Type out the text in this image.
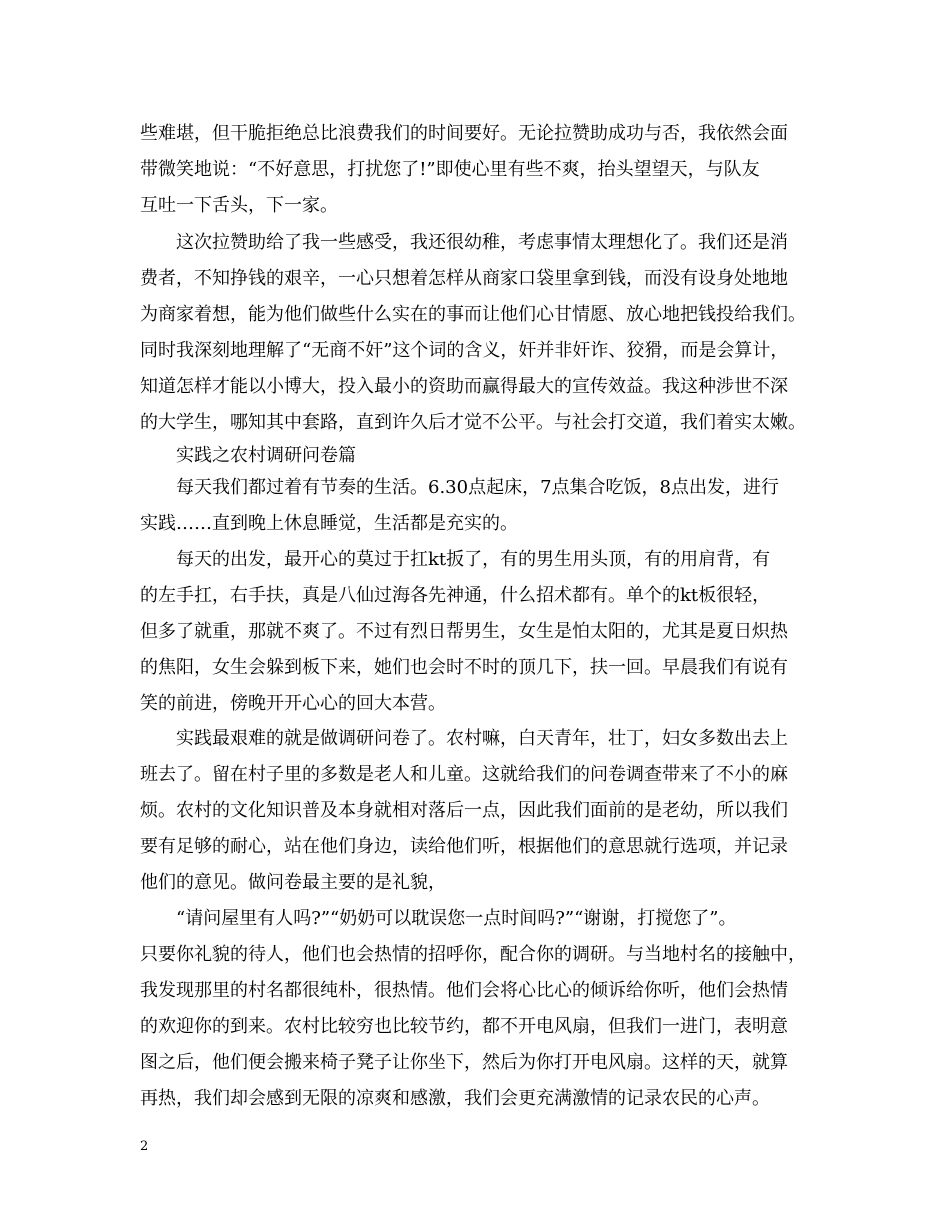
些难堪，但干脆拒绝总比浪费我们的时间要好。无论拉赞助成功与否，我依然会面
带微笑地说：“不好意思，打扰您了!”即使心里有些不爽，抬头望望天，与队友
互吐一下舌头，下一家。
这次拉赞助给了我一些感受，我还很幼稚，考虑事情太理想化了。我们还是消
费者，不知挣钱的艰辛，一心只想着怎样从商家口袋里拿到钱，而没有设身处地地
为商家着想，能为他们做些什么实在的事而让他们心甘情愿、放心地把钱投给我们。
同时我深刻地理解了“无商不奸”这个词的含义，奸并非奸诈、狡猾，而是会算计，
知道怎样才能以小博大，投入最小的资助而赢得最大的宣传效益。我这种涉世不深
的大学生，哪知其中套路，直到许久后才觉不公平。与社会打交道，我们着实太嫩。
实践之农村调研问卷篇
每天我们都过着有节奏的生活。6.30点起床，7点集合吃饭，8点出发，进行
实践……直到晚上休息睡觉，生活都是充实的。
每天的出发，最开心的莫过于扛kt扳了，有的男生用头顶，有的用肩背，有
的左手扛，右手扶，真是八仙过海各先神通，什么招术都有。单个的kt板很轻，
但多了就重，那就不爽了。不过有烈日帮男生，女生是怕太阳的，尤其是夏日炽热
的焦阳，女生会躲到板下来，她们也会时不时的顶几下，扶一回。早晨我们有说有
笑的前进，傍晚开开心心的回大本营。
实践最艰难的就是做调研问卷了。农村嘛，白天青年，壮丁，妇女多数出去上
班去了。留在村子里的多数是老人和儿童。这就给我们的问卷调查带来了不小的麻
烦。农村的文化知识普及本身就相对落后一点，因此我们面前的是老幼，所以我们
要有足够的耐心，站在他们身边，读给他们听，根据他们的意思就行选项，并记录
他们的意见。做问卷最主要的是礼貌，
“请问屋里有人吗?”“奶奶可以耽误您一点时间吗?”“谢谢，打搅您了”。
只要你礼貌的待人，他们也会热情的招呼你，配合你的调研。与当地村名的接触中，
我发现那里的村名都很纯朴，很热情。他们会将心比心的倾诉给你听，他们会热情
的欢迎你的到来。农村比较穷也比较节约，都不开电风扇，但我们一进门，表明意
图之后，他们便会搬来椅子凳子让你坐下，然后为你打开电风扇。这样的天，就算
再热，我们却会感到无限的凉爽和感激，我们会更充满激情的记录农民的心声。
2
